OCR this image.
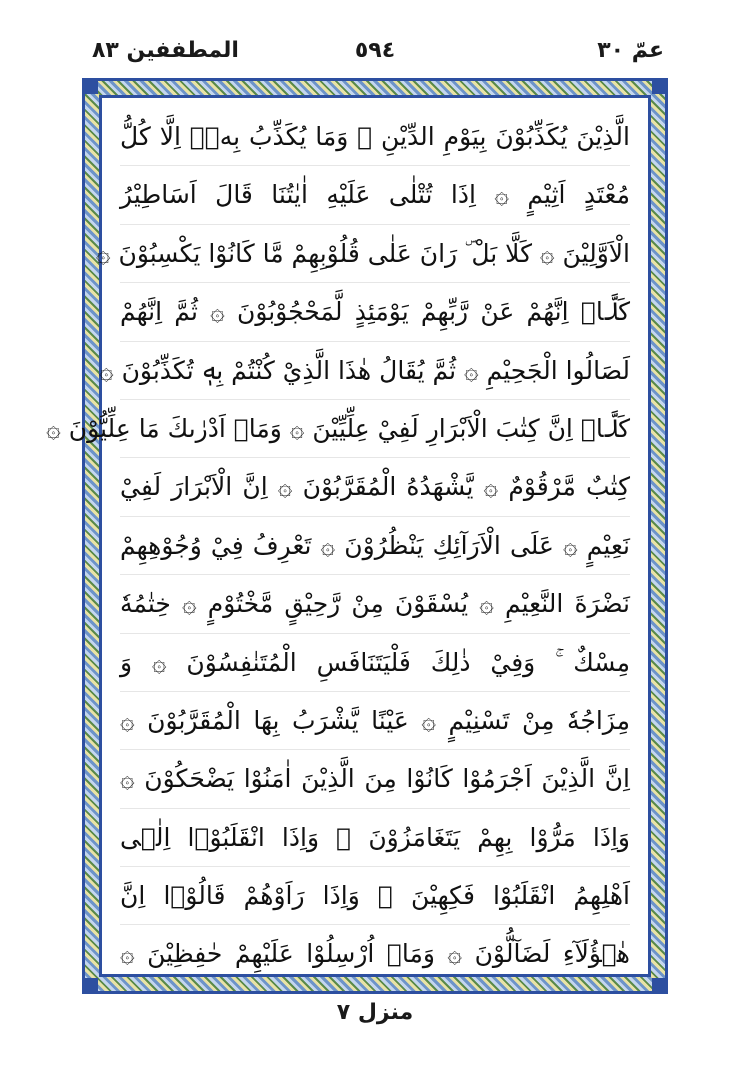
المطففين ٨٣	٥٩٤	عمّ ٣٠
الَّذِيْنَ يُكَذِّبُوْنَ بِيَوْمِ الدِّيْنِ ۞ وَمَا يُكَذِّبُ بِهٖۤ اِلَّا كُلُّ
مُعْتَدٍ اَثِيْمٍ ۞ اِذَا تُتْلٰى عَلَيْهِ اٰيٰتُنَا قَالَ اَسَاطِيْرُ
الْاَوَّلِيْنَ ۞ كَلَّا بَلْ ۜ رَانَ عَلٰى قُلُوْبِهِمْ مَّا كَانُوْا يَكْسِبُوْنَ ۞
كَلَّاۤ اِنَّهُمْ عَنْ رَّبِّهِمْ يَوْمَئِذٍ لَّمَحْجُوْبُوْنَ ۞ ثُمَّ اِنَّهُمْ
لَصَالُوا الْجَحِيْمِ ۞ ثُمَّ يُقَالُ هٰذَا الَّذِيْ كُنْتُمْ بِهٖ تُكَذِّبُوْنَ ۞
كَلَّاۤ اِنَّ كِتٰبَ الْاَبْرَارِ لَفِيْ عِلِّيِّيْنَ ۞ وَمَاۤ اَدْرٰىكَ مَا عِلِّيُّوْنَ ۞
كِتٰبٌ مَّرْقُوْمٌ ۞ يَّشْهَدُهُ الْمُقَرَّبُوْنَ ۞ اِنَّ الْاَبْرَارَ لَفِيْ
نَعِيْمٍ ۞ عَلَى الْاَرَآئِكِ يَنْظُرُوْنَ ۞ تَعْرِفُ فِيْ وُجُوْهِهِمْ
نَضْرَةَ النَّعِيْمِ ۞ يُسْقَوْنَ مِنْ رَّحِيْقٍ مَّخْتُوْمٍ ۞ خِتٰمُهٗ
مِسْكٌ ۚ وَفِيْ ذٰلِكَ فَلْيَتَنَافَسِ الْمُتَنٰفِسُوْنَ ۞ وَ
مِزَاجُهٗ مِنْ تَسْنِيْمٍ ۞ عَيْنًا يَّشْرَبُ بِهَا الْمُقَرَّبُوْنَ ۞
اِنَّ الَّذِيْنَ اَجْرَمُوْا كَانُوْا مِنَ الَّذِيْنَ اٰمَنُوْا يَضْحَكُوْنَ ۞
وَاِذَا مَرُّوْا بِهِمْ يَتَغَامَزُوْنَ ۞ وَاِذَا انْقَلَبُوْۤا اِلٰۤى
اَهْلِهِمُ انْقَلَبُوْا فَكِهِيْنَ ۞ وَاِذَا رَاَوْهُمْ قَالُوْۤا اِنَّ
هٰۤؤُلَآءِ لَضَآلُّوْنَ ۞ وَمَاۤ اُرْسِلُوْا عَلَيْهِمْ حٰفِظِيْنَ ۞
منزل ۷
